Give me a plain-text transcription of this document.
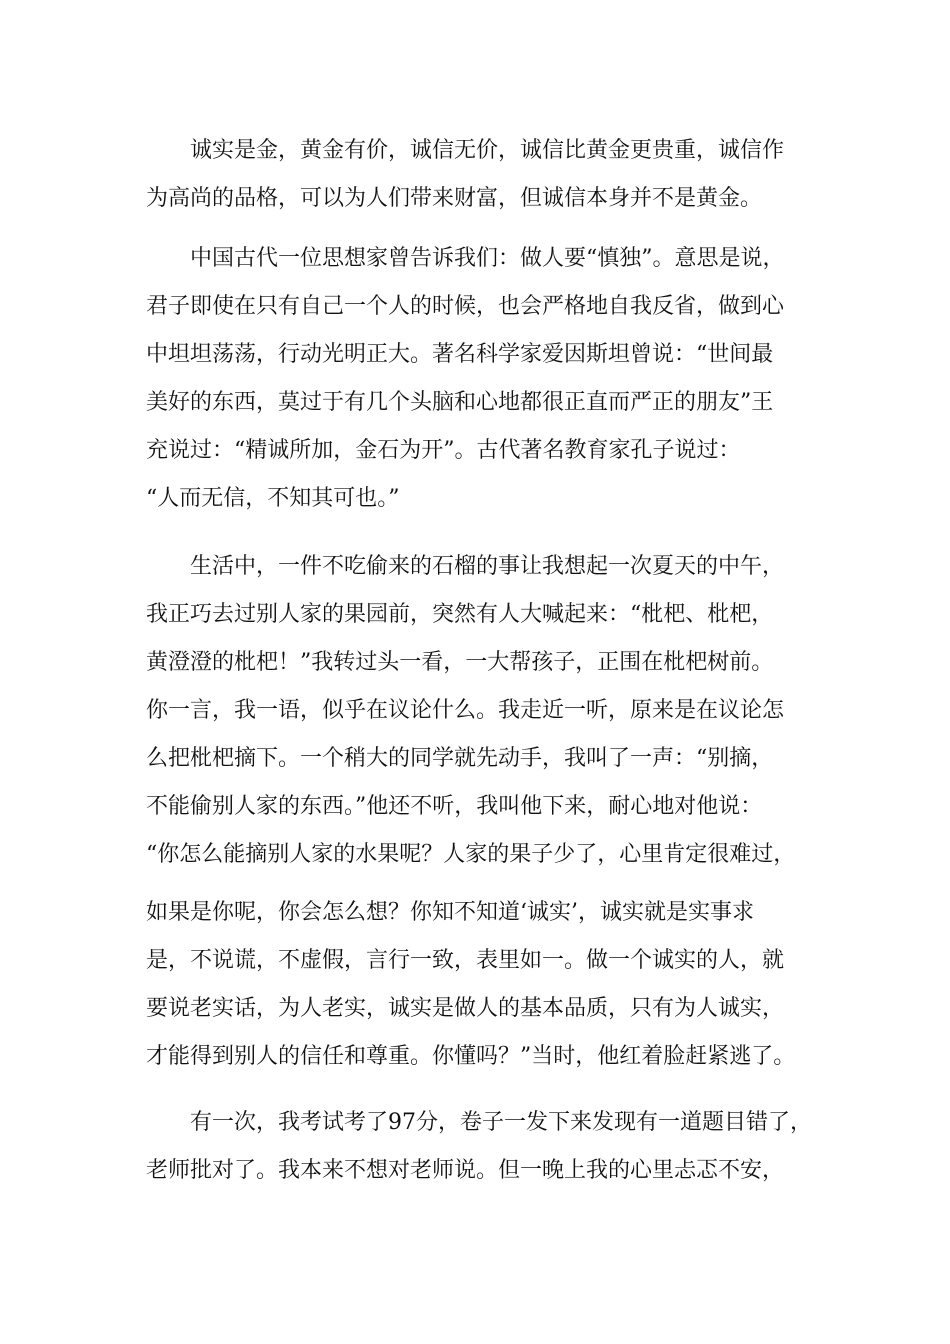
诚实是金，黄金有价，诚信无价，诚信比黄金更贵重，诚信作
为高尚的品格，可以为人们带来财富，但诚信本身并不是黄金。
中国古代一位思想家曾告诉我们：做人要“慎独”。意思是说，
君子即使在只有自己一个人的时候，也会严格地自我反省，做到心
中坦坦荡荡，行动光明正大。著名科学家爱因斯坦曾说：“世间最
美好的东西，莫过于有几个头脑和心地都很正直而严正的朋友”王
充说过：“精诚所加，金石为开”。古代著名教育家孔子说过：
“人而无信，不知其可也。”
生活中，一件不吃偷来的石榴的事让我想起一次夏天的中午，
我正巧去过别人家的果园前，突然有人大喊起来：“枇杷、枇杷，
黄澄澄的枇杷！”我转过头一看，一大帮孩子，正围在枇杷树前。
你一言，我一语，似乎在议论什么。我走近一听，原来是在议论怎
么把枇杷摘下。一个稍大的同学就先动手，我叫了一声：“别摘，
不能偷别人家的东西。”他还不听，我叫他下来，耐心地对他说：
“你怎么能摘别人家的水果呢？人家的果子少了，心里肯定很难过，
如果是你呢，你会怎么想？你知不知道‘诚实’，诚实就是实事求
是，不说谎，不虚假，言行一致，表里如一。做一个诚实的人，就
要说老实话，为人老实，诚实是做人的基本品质，只有为人诚实，
才能得到别人的信任和尊重。你懂吗？”当时，他红着脸赶紧逃了。
有一次，我考试考了97分，卷子一发下来发现有一道题目错了，
老师批对了。我本来不想对老师说。但一晚上我的心里忐忑不安，
